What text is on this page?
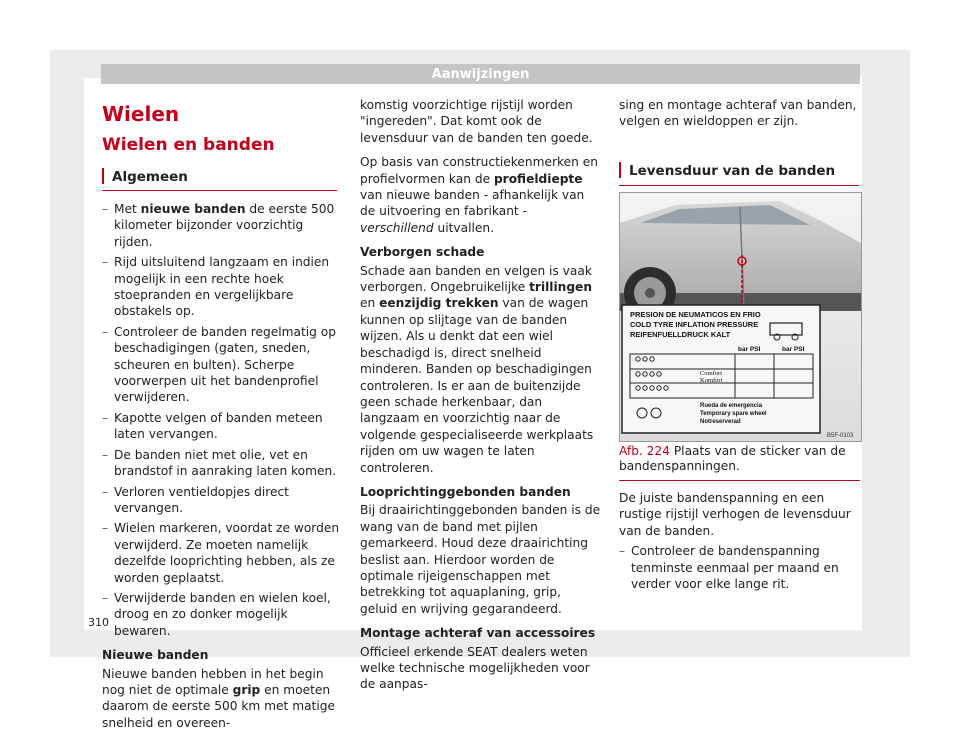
Aanwijzingen
Wielen
Wielen en banden
Algemeen
– Met nieuwe banden de eerste 500 kilometer bijzonder voorzichtig rijden.
– Rijd uitsluitend langzaam en indien mogelijk in een rechte hoek stoepranden en vergelijkbare obstakels op.
– Controleer de banden regelmatig op beschadigingen (gaten, sneden, scheuren en bulten). Scherpe voorwerpen uit het bandenprofiel verwijderen.
– Kapotte velgen of banden meteen laten vervangen.
– De banden niet met olie, vet en brandstof in aanraking laten komen.
– Verloren ventieldopjes direct vervangen.
– Wielen markeren, voordat ze worden verwijderd. Ze moeten namelijk dezelfde looprichting hebben, als ze worden geplaatst.
– Verwijderde banden en wielen koel, droog en zo donker mogelijk bewaren.
Nieuwe banden

Nieuwe banden hebben in het begin nog niet de optimale grip en moeten daarom de eerste 500 km met matige snelheid en overeen-

komstig voorzichtige rijstijl worden "ingereden". Dat komt ook de levensduur van de banden ten goede.

Op basis van constructiekenmerken en profielvormen kan de profieldiepte van nieuwe banden - afhankelijk van de uitvoering en fabrikant - verschillend uitvallen.

Verborgen schade

Schade aan banden en velgen is vaak verborgen. Ongebruikelijke trillingen en eenzijdig trekken van de wagen kunnen op slijtage van de banden wijzen. Als u denkt dat een wiel beschadigd is, direct snelheid minderen. Banden op beschadigingen controleren. Is er aan de buitenzijde geen schade herkenbaar, dan langzaam en voorzichtig naar de volgende gespecialiseerde werkplaats rijden om uw wagen te laten controleren.

Looprichtinggebonden banden

Bij draairichtinggebonden banden is de wang van de band met pijlen gemarkeerd. Houd deze draairichting beslist aan. Hierdoor worden de optimale rijeigenschappen met betrekking tot aquaplaning, grip, geluid en wrijving gegarandeerd.

Montage achteraf van accessoires

Officieel erkende SEAT dealers weten welke technische mogelijkheden voor de aanpas-

sing en montage achteraf van banden, velgen en wieldoppen er zijn.

Levensduur van de banden
PRESION DE NEUMATICOS EN FRIO
COLD TYRE INFLATION PRESSURE
REIFENFUELLDRUCK KALT
bar PSI	bar PSI
Comfort
Komfort
Rueda de emergencia
Temporary spare wheel
Notreserverad
B5F-0103
Afb. 224 Plaats van de sticker van de bandenspanningen.

De juiste bandenspanning en een rustige rijstijl verhogen de levensduur van de banden.

– Controleer de bandenspanning tenminste eenmaal per maand en verder voor elke lange rit.
310
